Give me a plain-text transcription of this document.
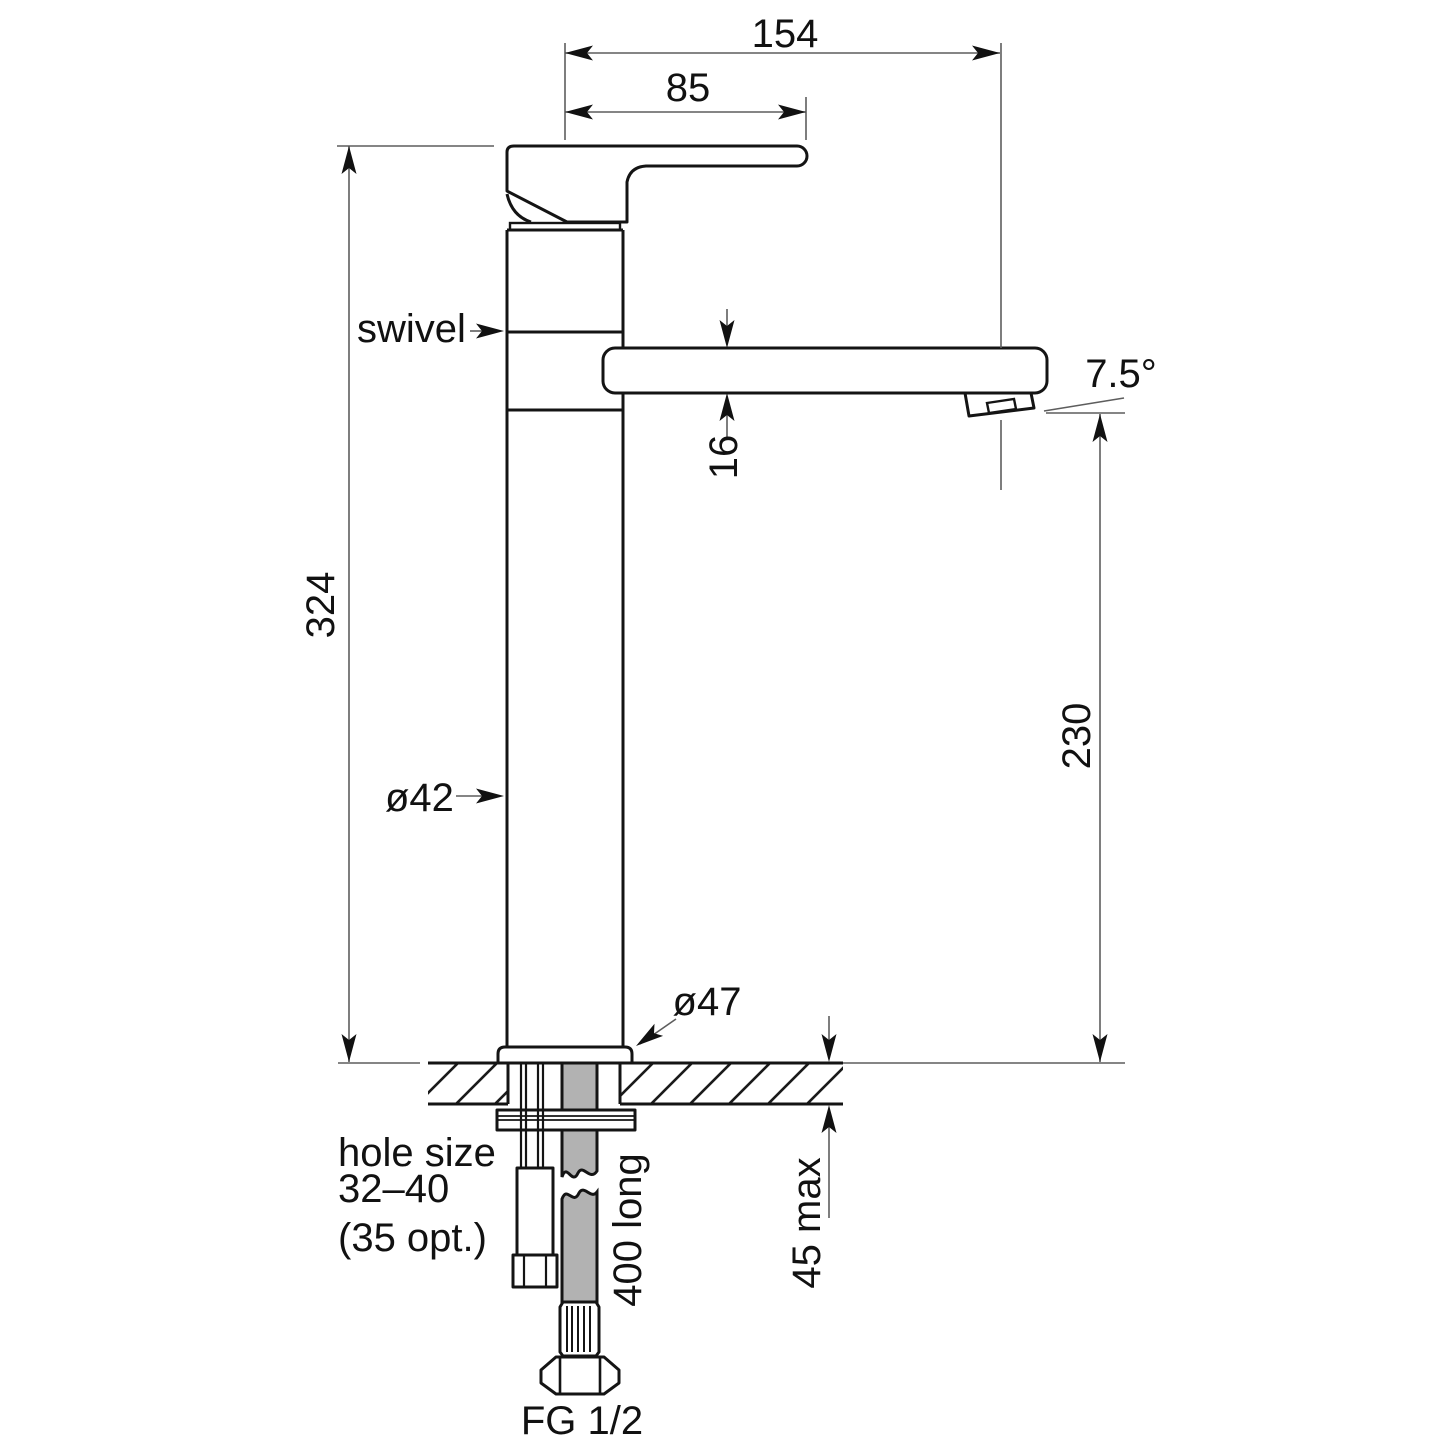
154
85
swivel
324
ø42
16
7.5°
230
ø47
45 max
hole size
32–40
(35 opt.)	400 long
FG 1/2
